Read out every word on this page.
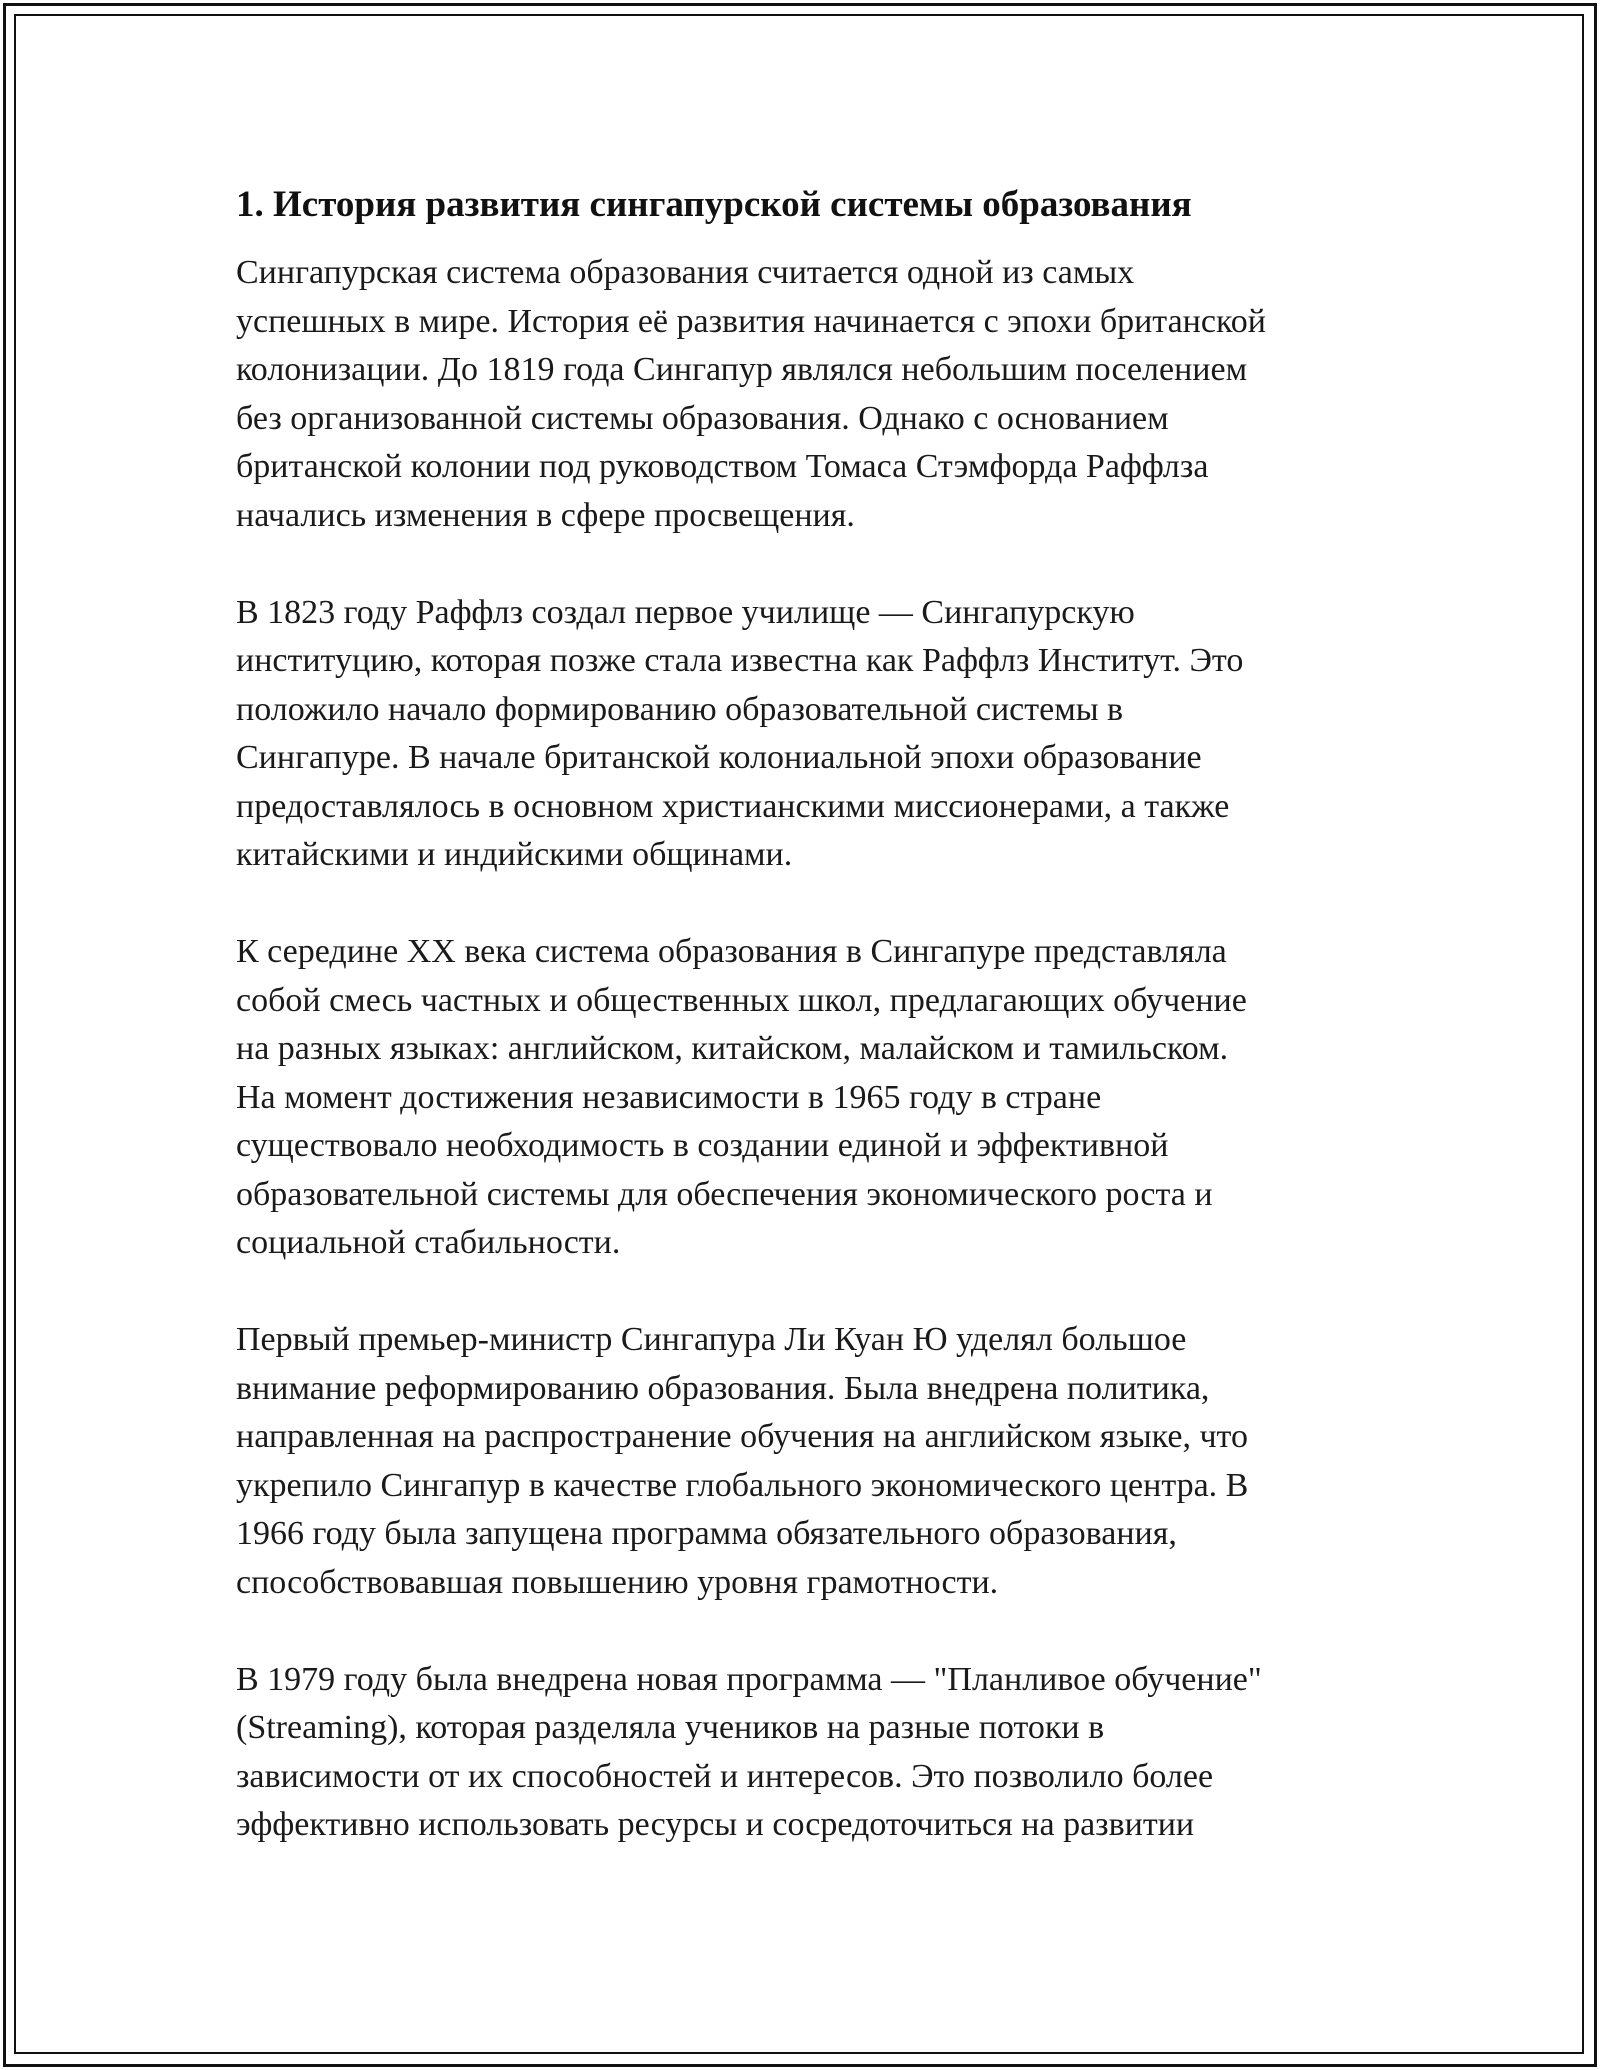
1. История развития сингапурской системы образования

Сингапурская система образования считается одной из самых
успешных в мире. История её развития начинается с эпохи британской
колонизации. До 1819 года Сингапур являлся небольшим поселением
без организованной системы образования. Однако с основанием
британской колонии под руководством Томаса Стэмфорда Раффлза
начались изменения в сфере просвещения.

В 1823 году Раффлз создал первое училище — Сингапурскую
институцию, которая позже стала известна как Раффлз Институт. Это
положило начало формированию образовательной системы в
Сингапуре. В начале британской колониальной эпохи образование
предоставлялось в основном христианскими миссионерами, а также
китайскими и индийскими общинами.

К середине XX века система образования в Сингапуре представляла
собой смесь частных и общественных школ, предлагающих обучение
на разных языках: английском, китайском, малайском и тамильском.
На момент достижения независимости в 1965 году в стране
существовало необходимость в создании единой и эффективной
образовательной системы для обеспечения экономического роста и
социальной стабильности.

Первый премьер-министр Сингапура Ли Куан Ю уделял большое
внимание реформированию образования. Была внедрена политика,
направленная на распространение обучения на английском языке, что
укрепило Сингапур в качестве глобального экономического центра. В
1966 году была запущена программа обязательного образования,
способствовавшая повышению уровня грамотности.

В 1979 году была внедрена новая программа — "Планливое обучение"
(Streaming), которая разделяла учеников на разные потоки в
зависимости от их способностей и интересов. Это позволило более
эффективно использовать ресурсы и сосредоточиться на развитии
